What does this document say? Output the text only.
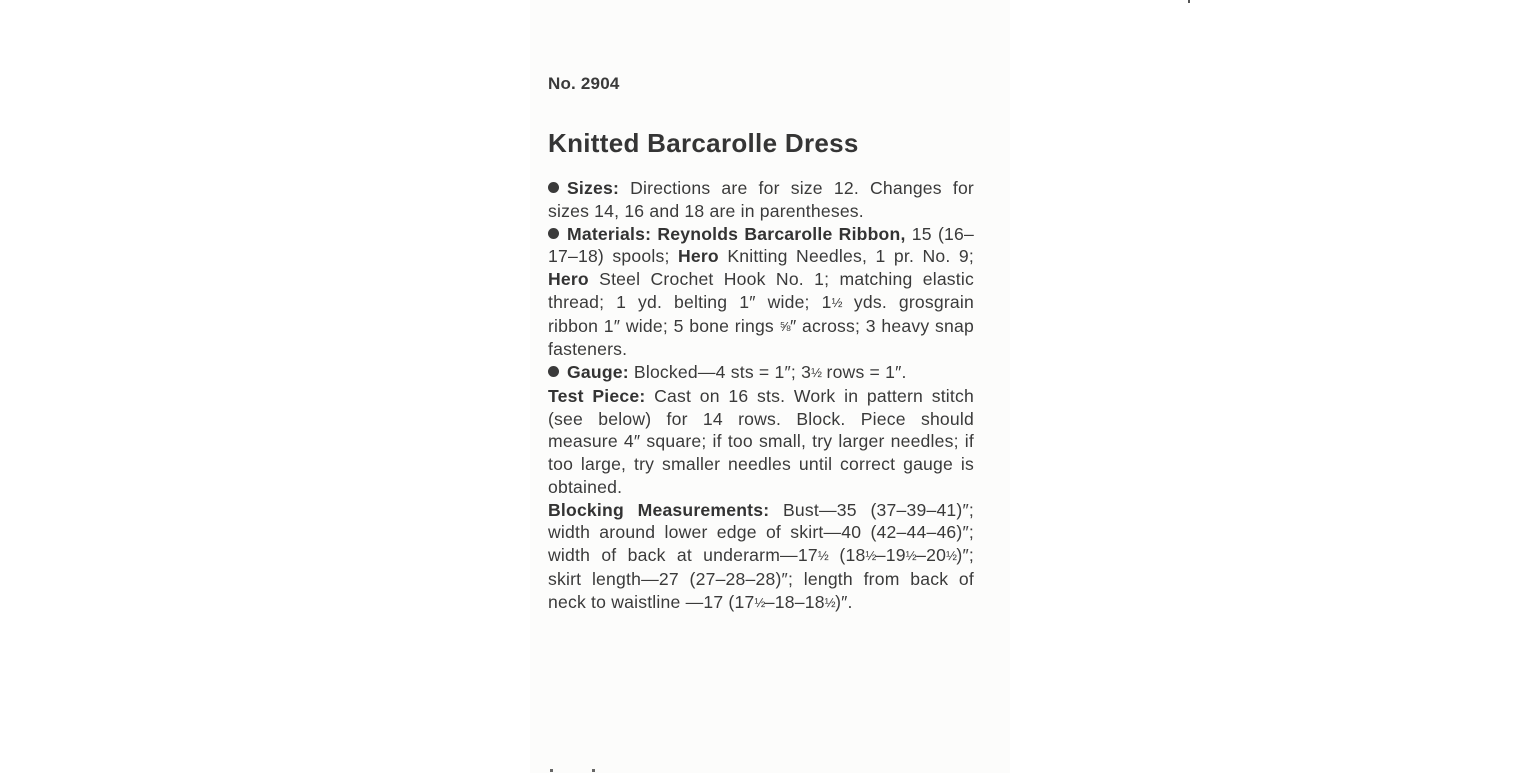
No. 2904

Knitted Barcarolle Dress

Sizes: Directions are for size 12. Changes for sizes 14, 16 and 18 are in parentheses.

Materials: Reynolds Barcarolle Ribbon, 15 (16–17–18) spools; Hero Knitting Needles, 1 pr. No. 9; Hero Steel Crochet Hook No. 1; matching elastic thread; 1 yd. belting 1″ wide; 1½ yds. grosgrain ribbon 1″ wide; 5 bone rings ⅝″ across; 3 heavy snap fasteners.

Gauge: Blocked—4 sts = 1″; 3½ rows = 1″.

Test Piece: Cast on 16 sts. Work in pattern stitch (see below) for 14 rows. Block. Piece should measure 4″ square; if too small, try larger needles; if too large, try smaller needles until correct gauge is obtained.

Blocking Measurements: Bust—35 (37–39–41)″; width around lower edge of skirt—40 (42–44–46)″; width of back at underarm—17½ (18½–19½–20½)″; skirt length—27 (27–28–28)″; length from back of neck to waistline —17 (17½–18–18½)″.
